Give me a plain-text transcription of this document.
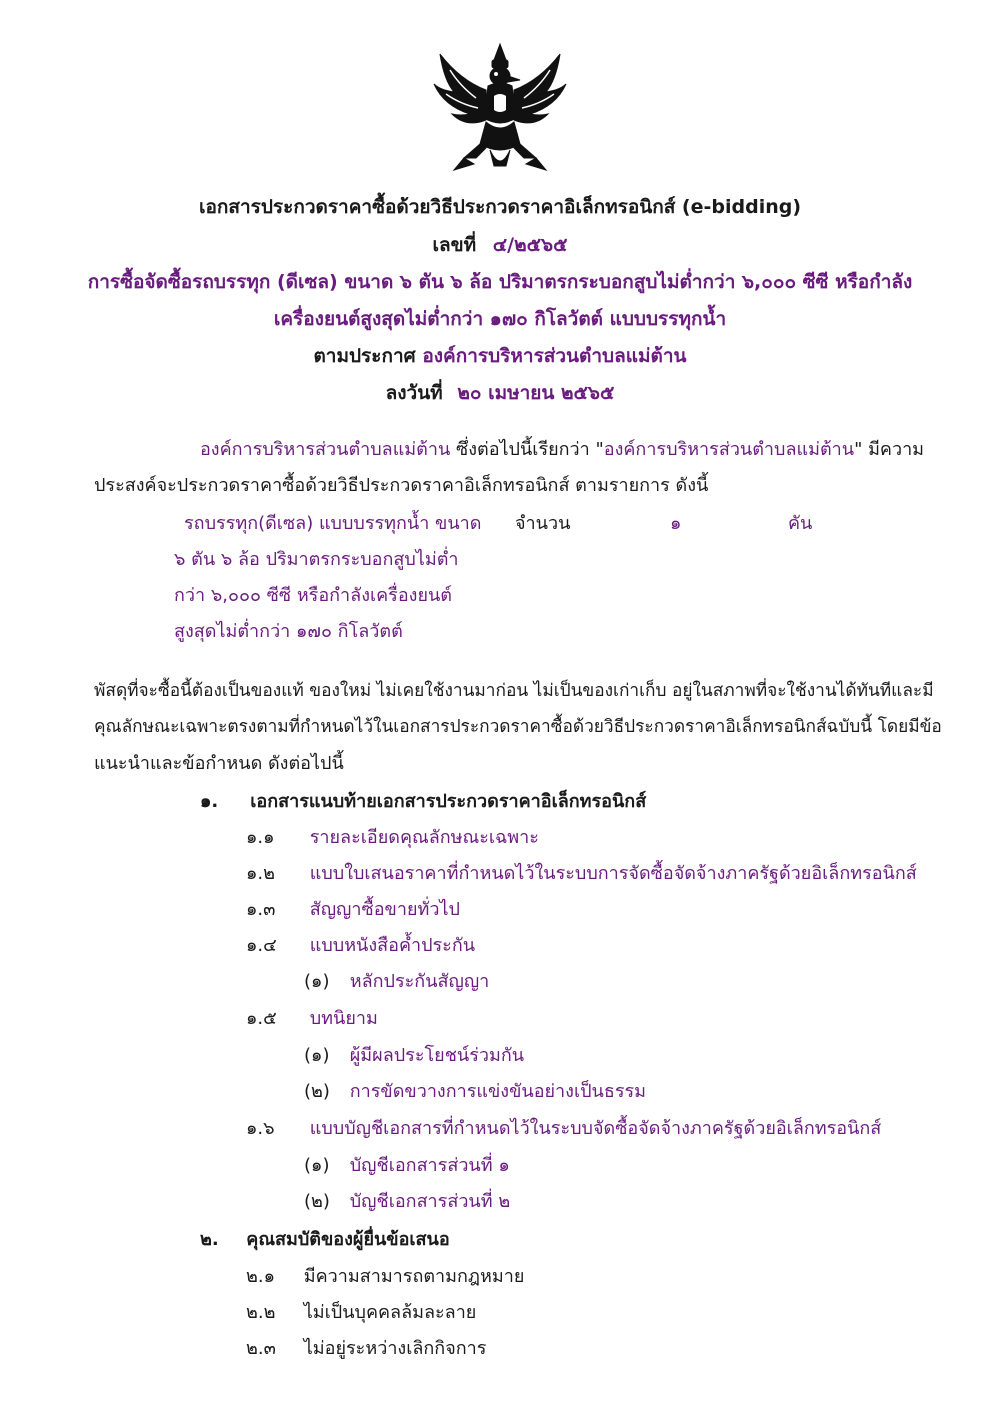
เอกสารประกวดราคาซื้อด้วยวิธีประกวดราคาอิเล็กทรอนิกส์ (e-bidding)
เลขที่ ๔/๒๕๖๕
การซื้อจัดซื้อรถบรรทุก (ดีเซล) ขนาด ๖ ตัน ๖ ล้อ ปริมาตรกระบอกสูบไม่ต่ำกว่า ๖,๐๐๐ ซีซี หรือกำลัง
เครื่องยนต์สูงสุดไม่ต่ำกว่า ๑๗๐ กิโลวัตต์ แบบบรรทุกน้ำ
ตามประกาศ องค์การบริหารส่วนตำบลแม่ต้าน
ลงวันที่ ๒๐ เมษายน ๒๕๖๕
องค์การบริหารส่วนตำบลแม่ต้าน ซึ่งต่อไปนี้เรียกว่า "องค์การบริหารส่วนตำบลแม่ต้าน" มีความ
ประสงค์จะประกวดราคาซื้อด้วยวิธีประกวดราคาอิเล็กทรอนิกส์ ตามรายการ ดังนี้
รถบรรทุก(ดีเซล) แบบบรรทุกน้ำ ขนาด
๖ ตัน ๖ ล้อ ปริมาตรกระบอกสูบไม่ต่ำ
กว่า ๖,๐๐๐ ซีซี หรือกำลังเครื่องยนต์
สูงสุดไม่ต่ำกว่า ๑๗๐ กิโลวัตต์
จำนวน	๑	คัน
พัสดุที่จะซื้อนี้ต้องเป็นของแท้ ของใหม่ ไม่เคยใช้งานมาก่อน ไม่เป็นของเก่าเก็บ อยู่ในสภาพที่จะใช้งานได้ทันทีและมี
คุณลักษณะเฉพาะตรงตามที่กำหนดไว้ในเอกสารประกวดราคาซื้อด้วยวิธีประกวดราคาอิเล็กทรอนิกส์ฉบับนี้ โดยมีข้อ
แนะนำและข้อกำหนด ดังต่อไปนี้
๑. เอกสารแนบท้ายเอกสารประกวดราคาอิเล็กทรอนิกส์
๑.๑ รายละเอียดคุณลักษณะเฉพาะ
๑.๒ แบบใบเสนอราคาที่กำหนดไว้ในระบบการจัดซื้อจัดจ้างภาครัฐด้วยอิเล็กทรอนิกส์
๑.๓ สัญญาซื้อขายทั่วไป
๑.๔ แบบหนังสือค้ำประกัน
(๑) หลักประกันสัญญา
๑.๕ บทนิยาม
(๑) ผู้มีผลประโยชน์ร่วมกัน
(๒) การขัดขวางการแข่งขันอย่างเป็นธรรม
๑.๖ แบบบัญชีเอกสารที่กำหนดไว้ในระบบจัดซื้อจัดจ้างภาครัฐด้วยอิเล็กทรอนิกส์
(๑) บัญชีเอกสารส่วนที่ ๑
(๒) บัญชีเอกสารส่วนที่ ๒
๒. คุณสมบัติของผู้ยื่นข้อเสนอ
๒.๑ มีความสามารถตามกฎหมาย
๒.๒ ไม่เป็นบุคคลล้มละลาย
๒.๓ ไม่อยู่ระหว่างเลิกกิจการ
